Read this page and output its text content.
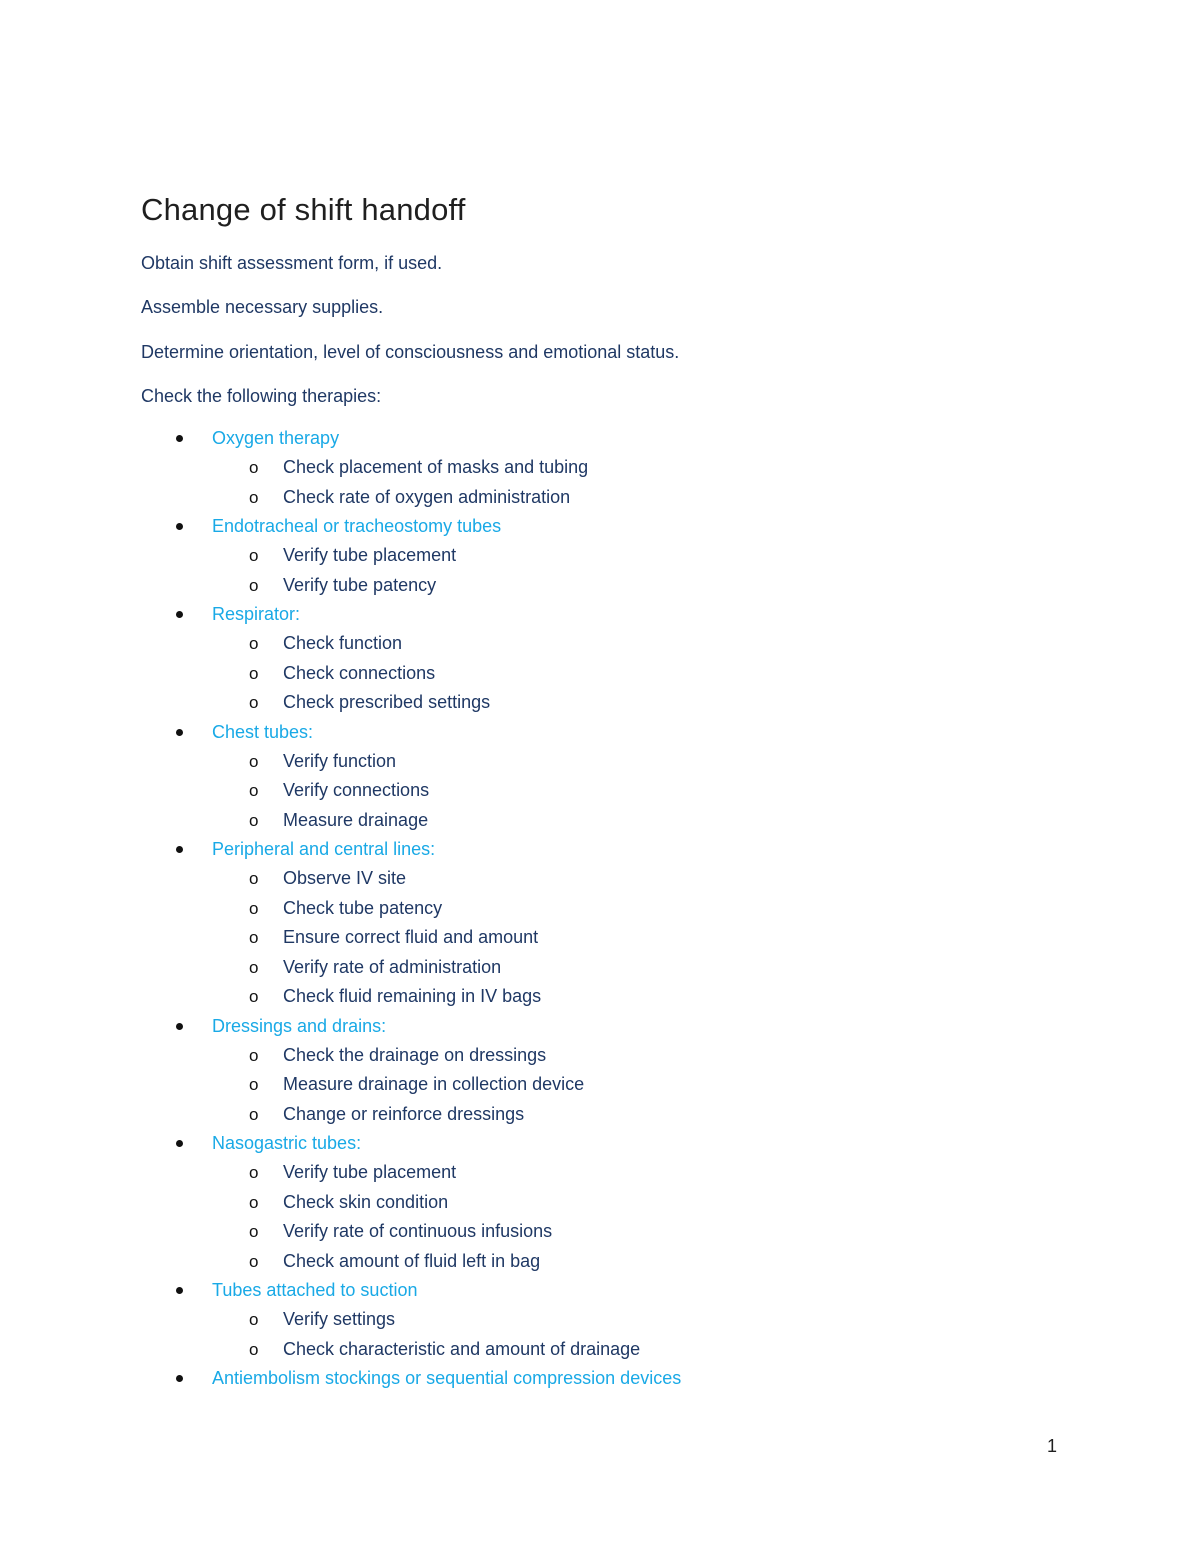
Change of shift handoff

Obtain shift assessment form, if used.

Assemble necessary supplies.

Determine orientation, level of consciousness and emotional status.

Check the following therapies:

Oxygen therapy
o Check placement of masks and tubing
o Check rate of oxygen administration
Endotracheal or tracheostomy tubes
o Verify tube placement
o Verify tube patency
Respirator:
o Check function
o Check connections
o Check prescribed settings
Chest tubes:
o Verify function
o Verify connections
o Measure drainage
Peripheral and central lines:
o Observe IV site
o Check tube patency
o Ensure correct fluid and amount
o Verify rate of administration
o Check fluid remaining in IV bags
Dressings and drains:
o Check the drainage on dressings
o Measure drainage in collection device
o Change or reinforce dressings
Nasogastric tubes:
o Verify tube placement
o Check skin condition
o Verify rate of continuous infusions
o Check amount of fluid left in bag
Tubes attached to suction
o Verify settings
o Check characteristic and amount of drainage
Antiembolism stockings or sequential compression devices
1
